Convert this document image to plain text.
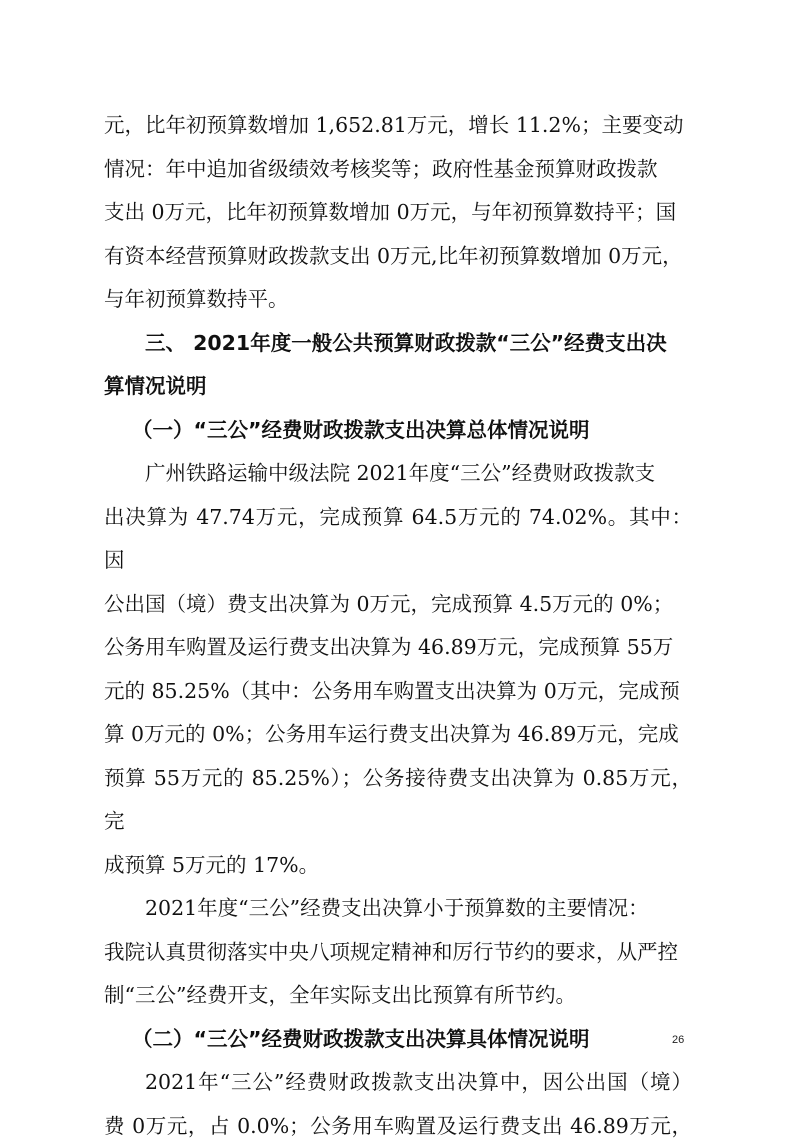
元，比年初预算数增加 1,652.81万元，增长 11.2%；主要变动
情况：年中追加省级绩效考核奖等；政府性基金预算财政拨款
支出 0万元，比年初预算数增加 0万元，与年初预算数持平；国
有资本经营预算财政拨款支出 0万元,比年初预算数增加 0万元，
与年初预算数持平。

三、 2021年度一般公共预算财政拨款“三公”经费支出决
算情况说明

（一）“三公”经费财政拨款支出决算总体情况说明

广州铁路运输中级法院 2021年度“三公”经费财政拨款支
出决算为 47.74万元，完成预算 64.5万元的 74.02%。其中：因
公出国（境）费支出决算为 0万元，完成预算 4.5万元的 0%；
公务用车购置及运行费支出决算为 46.89万元，完成预算 55万
元的 85.25%（其中：公务用车购置支出决算为 0万元，完成预
算 0万元的 0%；公务用车运行费支出决算为 46.89万元，完成
预算 55万元的 85.25%）；公务接待费支出决算为 0.85万元，完
成预算 5万元的 17%。

2021年度“三公”经费支出决算小于预算数的主要情况：
我院认真贯彻落实中央八项规定精神和厉行节约的要求，从严控
制“三公”经费开支，全年实际支出比预算有所节约。

（二）“三公”经费财政拨款支出决算具体情况说明

2021年“三公”经费财政拨款支出决算中，因公出国（境）
费 0万元，占 0.0%；公务用车购置及运行费支出 46.89万元，

26
